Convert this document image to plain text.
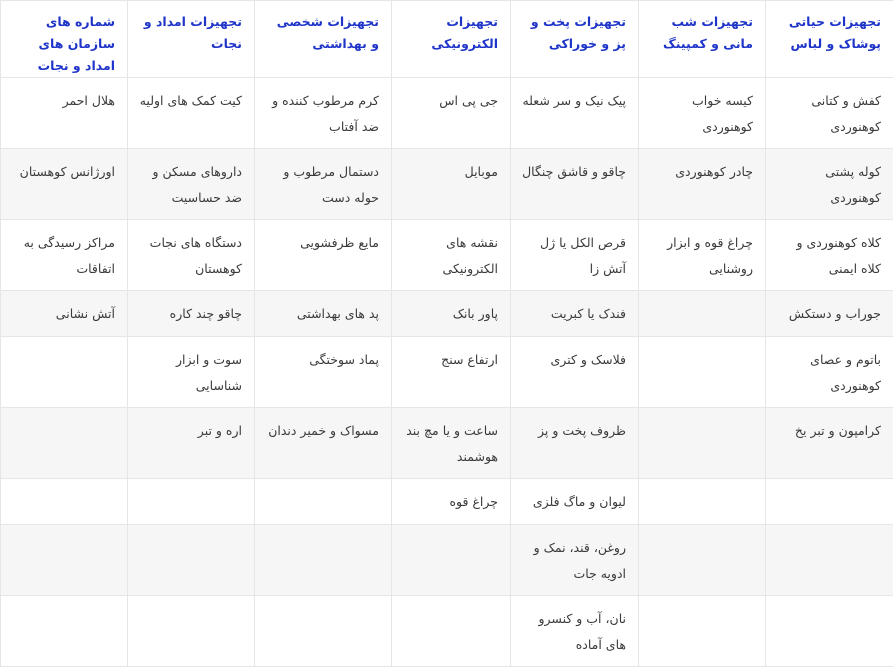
تجهیزات حیاتی پوشاک و لباس	تجهیزات شب مانی و کمپینگ	تجهیزات پخت و پز و خوراکی	تجهیزات الکترونیکی	تجهیزات شخصی و بهداشتی	تجهیزات امداد و نجات	شماره های سازمان های امداد و نجات
کفش و کتانی کوهنوردی	کیسه خواب کوهنوردی	پیک نیک و سر شعله	جی پی اس	کرم مرطوب کننده و ضد آفتاب	کیت کمک های اولیه	هلال احمر
کوله پشتی کوهنوردی	چادر کوهنوردی	چاقو و قاشق چنگال	موبایل	دستمال مرطوب و حوله دست	داروهای مسکن و ضد حساسیت	اورژانس کوهستان
کلاه کوهنوردی و کلاه ایمنی	چراغ قوه و ابزار روشنایی	قرص الکل یا ژل آتش زا	نقشه های الکترونیکی	مایع ظرفشویی	دستگاه های نجات کوهستان	مراکز رسیدگی به اتفاقات
جوراب و دستکش		فندک یا کبریت	پاور بانک	پد های بهداشتی	چاقو چند کاره	آتش نشانی
باتوم و عصای کوهنوردی		فلاسک و کتری	ارتفاع سنج	پماد سوختگی	سوت و ابزار شناسایی	
کرامپون و تبر یخ		ظروف پخت و پز	ساعت و یا مچ بند هوشمند	مسواک و خمیر دندان	اره و تبر	
		لیوان و ماگ فلزی	چراغ قوه			
		روغن، قند، نمک و ادویه جات				
		نان، آب و کنسرو های آماده				
